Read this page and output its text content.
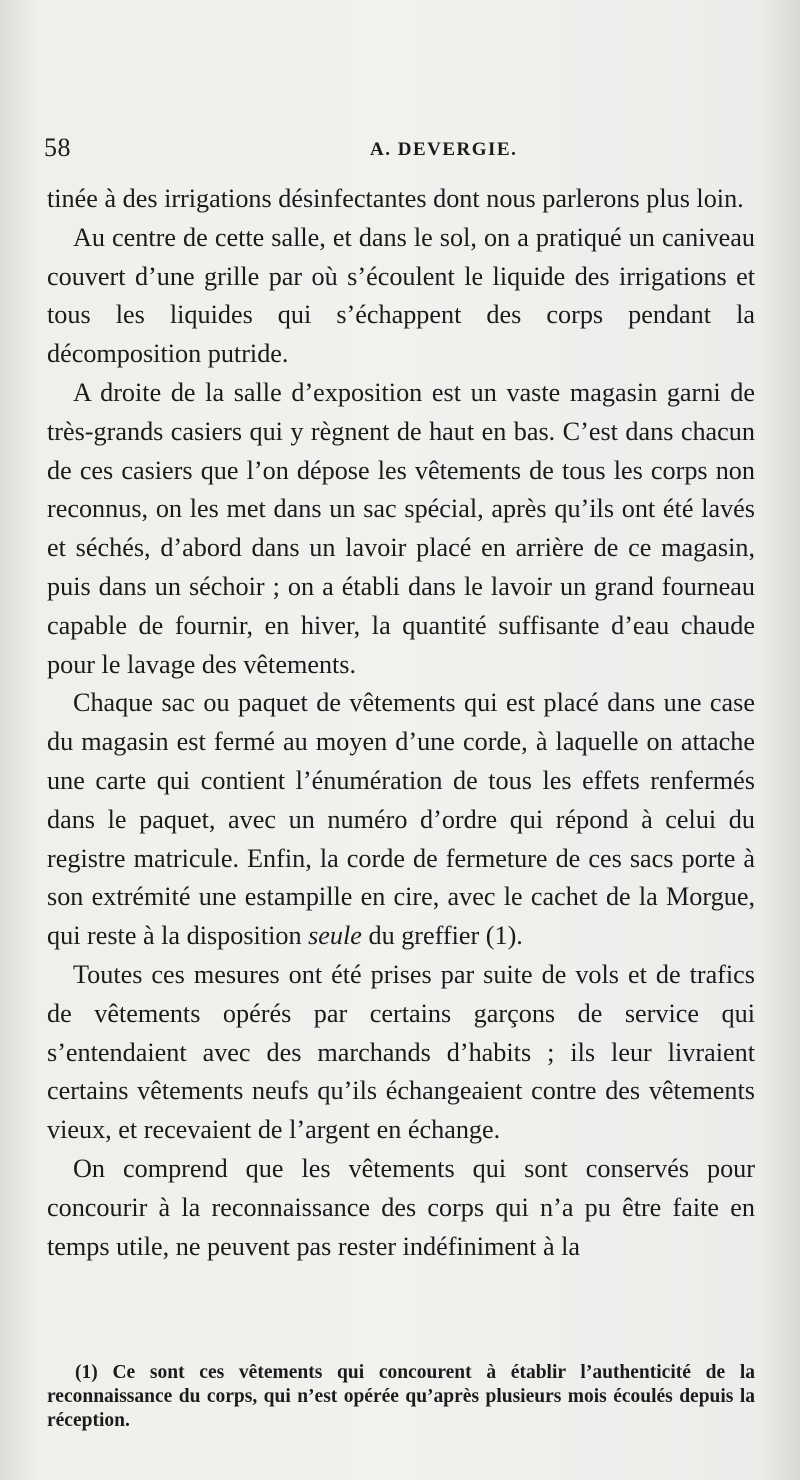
58	A. DEVERGIE.

tinée à des irrigations désinfectantes dont nous parlerons plus loin.

Au centre de cette salle, et dans le sol, on a pratiqué un caniveau couvert d’une grille par où s’écoulent le liquide des irrigations et tous les liquides qui s’échappent des corps pendant la décomposition putride.

A droite de la salle d’exposition est un vaste magasin garni de très-grands casiers qui y règnent de haut en bas. C’est dans chacun de ces casiers que l’on dépose les vêtements de tous les corps non reconnus, on les met dans un sac spécial, après qu’ils ont été lavés et séchés, d’abord dans un lavoir placé en arrière de ce magasin, puis dans un séchoir ; on a établi dans le lavoir un grand fourneau capable de fournir, en hiver, la quantité suffisante d’eau chaude pour le lavage des vêtements.

Chaque sac ou paquet de vêtements qui est placé dans une case du magasin est fermé au moyen d’une corde, à laquelle on attache une carte qui contient l’énumération de tous les effets renfermés dans le paquet, avec un numéro d’ordre qui répond à celui du registre matricule. Enfin, la corde de fermeture de ces sacs porte à son extrémité une estampille en cire, avec le cachet de la Morgue, qui reste à la disposition seule du greffier (1).

Toutes ces mesures ont été prises par suite de vols et de trafics de vêtements opérés par certains garçons de service qui s’entendaient avec des marchands d’habits ; ils leur livraient certains vêtements neufs qu’ils échangeaient contre des vêtements vieux, et recevaient de l’argent en échange.

On comprend que les vêtements qui sont conservés pour concourir à la reconnaissance des corps qui n’a pu être faite en temps utile, ne peuvent pas rester indéfiniment à la

(1) Ce sont ces vêtements qui concourent à établir l’authenticité de la reconnaissance du corps, qui n’est opérée qu’après plusieurs mois écoulés depuis la réception.
